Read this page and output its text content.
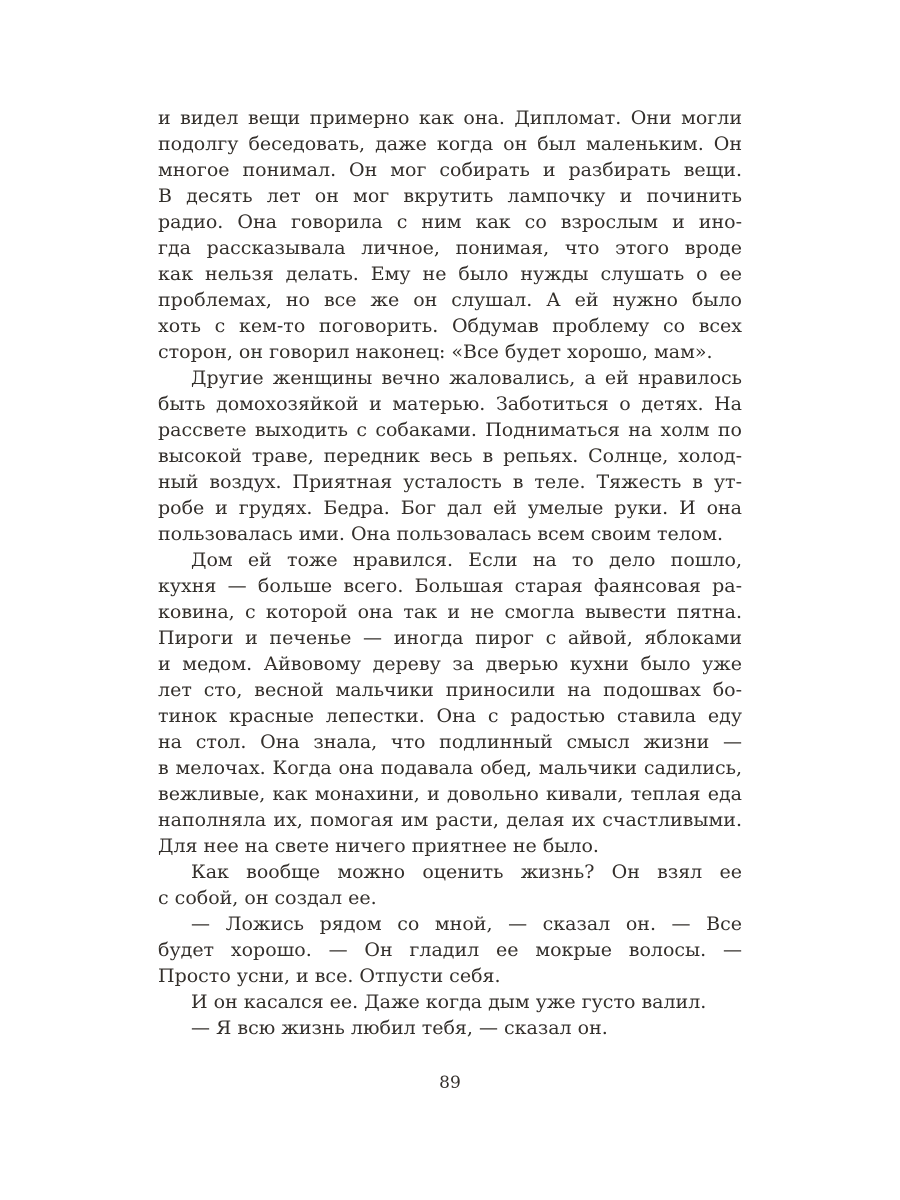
и видел вещи примерно как она. Дипломат. Они могли
подолгу беседовать, даже когда он был маленьким. Он
многое понимал. Он мог собирать и разбирать вещи.
В десять лет он мог вкрутить лампочку и починить
радио. Она говорила с ним как со взрослым и ино-
гда рассказывала личное, понимая, что этого вроде
как нельзя делать. Ему не было нужды слушать о ее
проблемах, но все же он слушал. А ей нужно было
хоть с кем-то поговорить. Обдумав проблему со всех
сторон, он говорил наконец: «Все будет хорошо, мам».

Другие женщины вечно жаловались, а ей нравилось
быть домохозяйкой и матерью. Заботиться о детях. На
рассвете выходить с собаками. Подниматься на холм по
высокой траве, передник весь в репьях. Солнце, холод-
ный воздух. Приятная усталость в теле. Тяжесть в ут-
робе и грудях. Бедра. Бог дал ей умелые руки. И она
пользовалась ими. Она пользовалась всем своим телом.

Дом ей тоже нравился. Если на то дело пошло,
кухня — больше всего. Большая старая фаянсовая ра-
ковина, с которой она так и не смогла вывести пятна.
Пироги и печенье — иногда пирог с айвой, яблоками
и медом. Айвовому дереву за дверью кухни было уже
лет сто, весной мальчики приносили на подошвах бо-
тинок красные лепестки. Она с радостью ставила еду
на стол. Она знала, что подлинный смысл жизни —
в мелочах. Когда она подавала обед, мальчики садились,
вежливые, как монахини, и довольно кивали, теплая еда
наполняла их, помогая им расти, делая их счастливыми.
Для нее на свете ничего приятнее не было.

Как вообще можно оценить жизнь? Он взял ее
с собой, он создал ее.

— Ложись рядом со мной, — сказал он. — Все
будет хорошо. — Он гладил ее мокрые волосы. —
Просто усни, и все. Отпусти себя.

И он касался ее. Даже когда дым уже густо валил.

— Я всю жизнь любил тебя, — сказал он.

89
